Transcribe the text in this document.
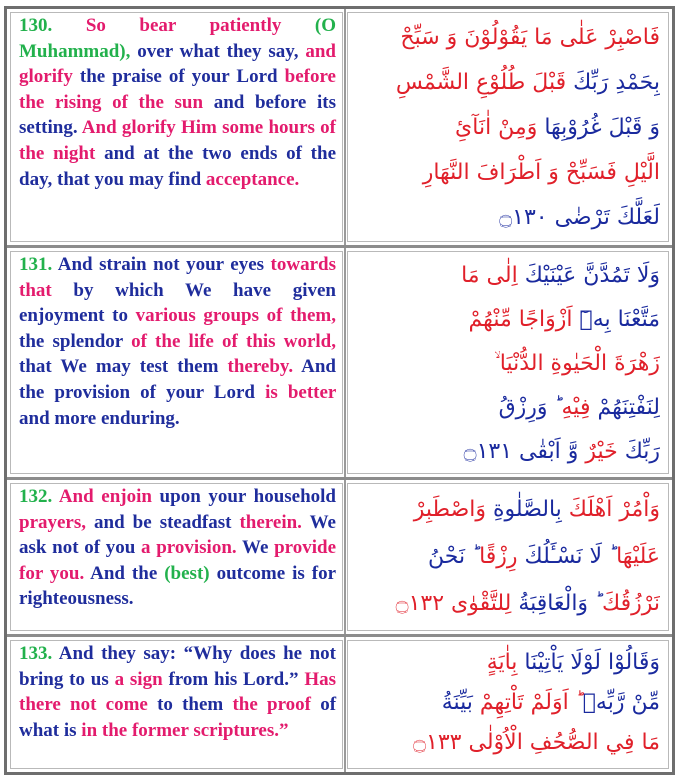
130. So bear patiently (O Muhammad), over what they say, and glorify the praise of your Lord before the rising of the sun and before its setting. And glorify Him some hours of the night and at the two ends of the day, that you may find acceptance.

فَاصْبِرْ عَلٰى مَا يَقُوْلُوْنَ وَ سَبِّحْ
بِحَمْدِ رَبِّكَ قَبْلَ طُلُوْعِ الشَّمْسِ
وَ قَبْلَ غُرُوْبِهَا وَمِنْ اٰنَآئِ
الَّيْلِ فَسَبِّحْ وَ اَطْرَافَ النَّهَارِ
لَعَلَّكَ تَرْضٰى ۝١٣٠

131. And strain not your eyes towards that by which We have given enjoyment to various groups of them, the splendor of the life of this world, that We may test them thereby. And the provision of your Lord is better and more enduring.

وَلَا تَمُدَّنَّ عَيْنَيْكَ اِلٰى مَا
مَتَّعْنَا بِهٖٓ اَزْوَاجًا مِّنْهُمْ
زَهْرَةَ الْحَيٰوةِ الدُّنْيَا ۙ
لِنَفْتِنَهُمْ فِيْهِ ؕ وَرِزْقُ
رَبِّكَ خَيْرٌ وَّ اَبْقٰى ۝١٣١

132. And enjoin upon your household prayers, and be steadfast therein. We ask not of you a provision. We provide for you. And the (best) outcome is for righteousness.

وَاْمُرْ اَهْلَكَ بِالصَّلٰوةِ وَاصْطَبِرْ
عَلَيْهَا ؕ لَا نَسْـَٔلُكَ رِزْقًا ؕ نَحْنُ
نَرْزُقُكَ ؕ وَالْعَاقِبَةُ لِلتَّقْوٰى ۝١٣٢

133. And they say: “Why does he not bring to us a sign from his Lord.” Has there not come to them the proof of what is in the former scriptures.”

وَقَالُوْا لَوْلَا يَاْتِيْنَا بِاٰيَةٍ
مِّنْ رَّبِّهٖ ؕ اَوَلَمْ تَاْتِهِمْ بَيِّنَةُ
مَا فِي الصُّحُفِ الْاُوْلٰى ۝١٣٣
